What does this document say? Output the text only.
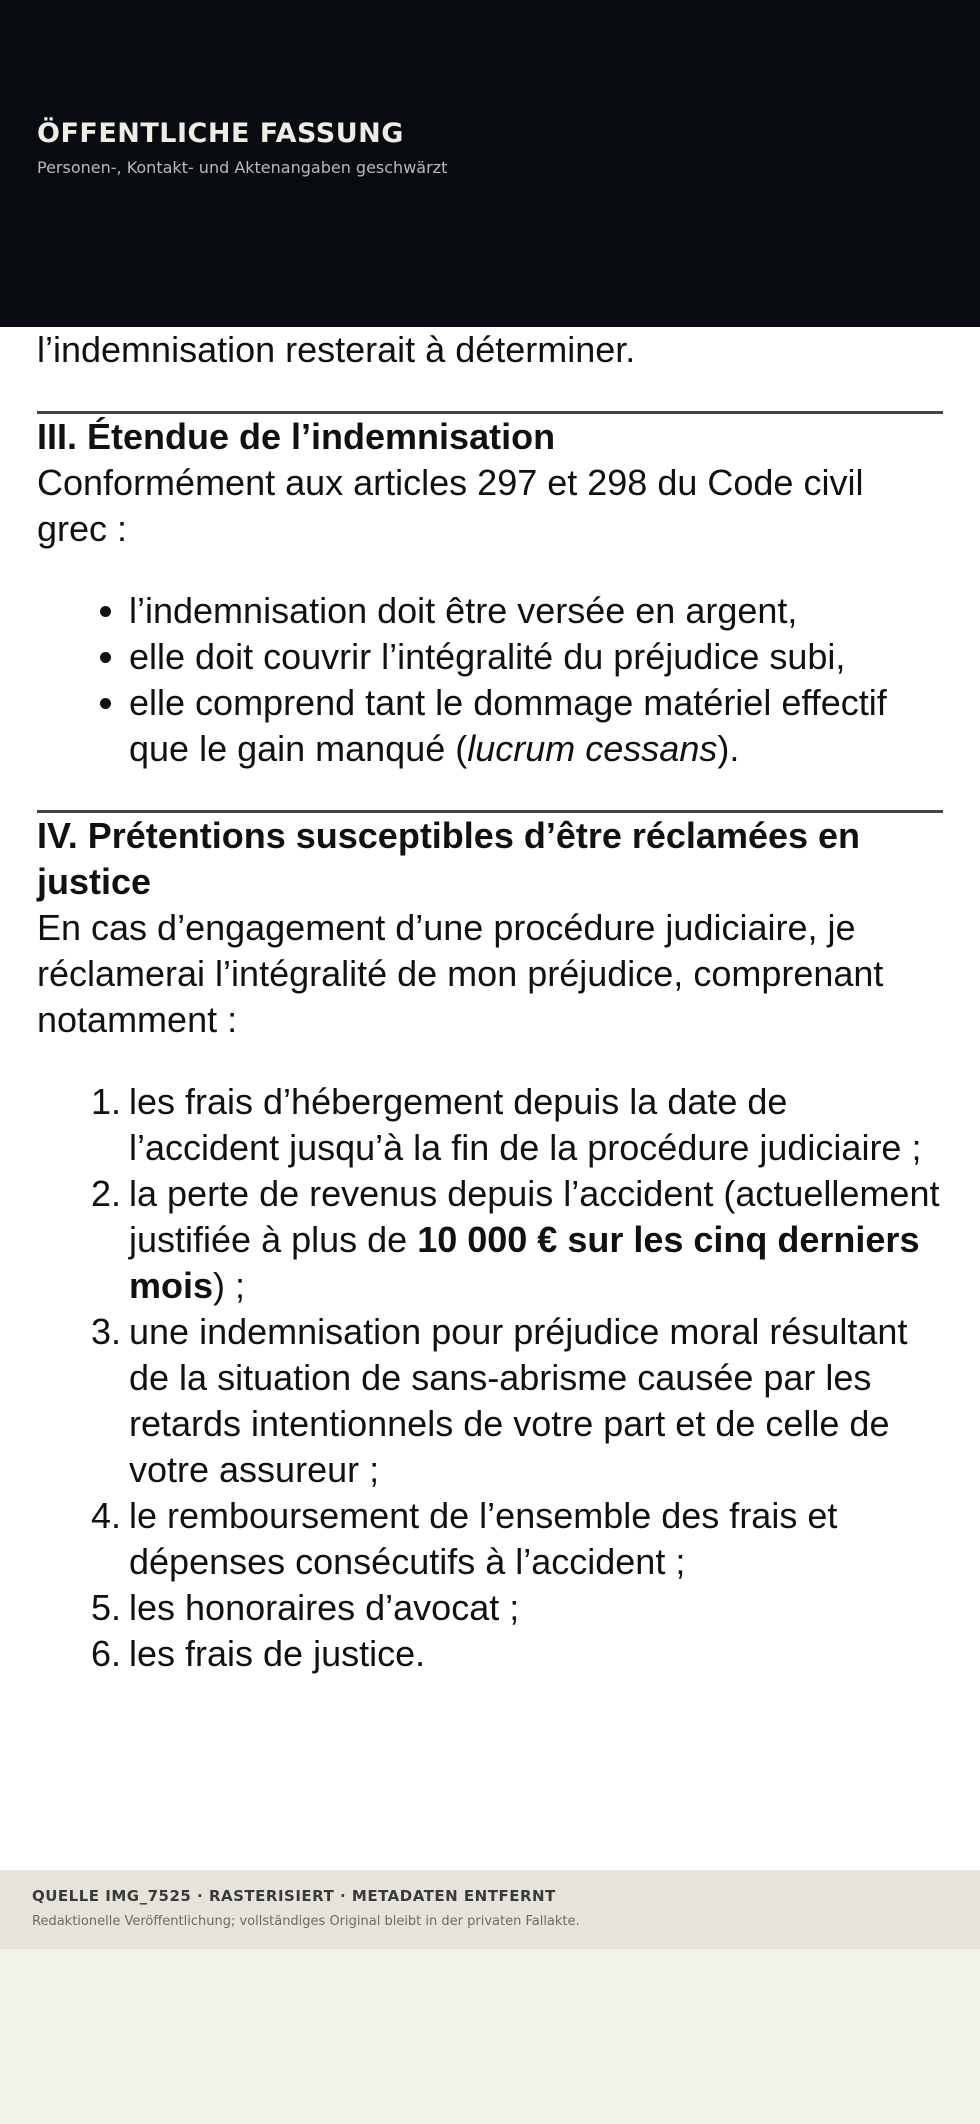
ÖFFENTLICHE FASSUNG

Personen-, Kontakt- und Aktenangaben geschwärzt

l’indemnisation resterait à déterminer.

III. Étendue de l’indemnisation

Conformément aux articles 297 et 298 du Code civil grec :

• l’indemnisation doit être versée en argent,
• elle doit couvrir l’intégralité du préjudice subi,
• elle comprend tant le dommage matériel effectif que le gain manqué (lucrum cessans).
IV. Prétentions susceptibles d’être réclamées en justice

En cas d’engagement d’une procédure judiciaire, je réclamerai l’intégralité de mon préjudice, comprenant notamment :

1. les frais d’hébergement depuis la date de l’accident jusqu’à la fin de la procédure judiciaire ;
2. la perte de revenus depuis l’accident (actuellement justifiée à plus de 10 000 € sur les cinq derniers mois) ;
3. une indemnisation pour préjudice moral résultant de la situation de sans-abrisme causée par les retards intentionnels de votre part et de celle de votre assureur ;
4. le remboursement de l’ensemble des frais et dépenses consécutifs à l’accident ;
5. les honoraires d’avocat ;
6. les frais de justice.

QUELLE IMG_7525 · RASTERISIERT · METADATEN ENTFERNT

Redaktionelle Veröffentlichung; vollständiges Original bleibt in der privaten Fallakte.
